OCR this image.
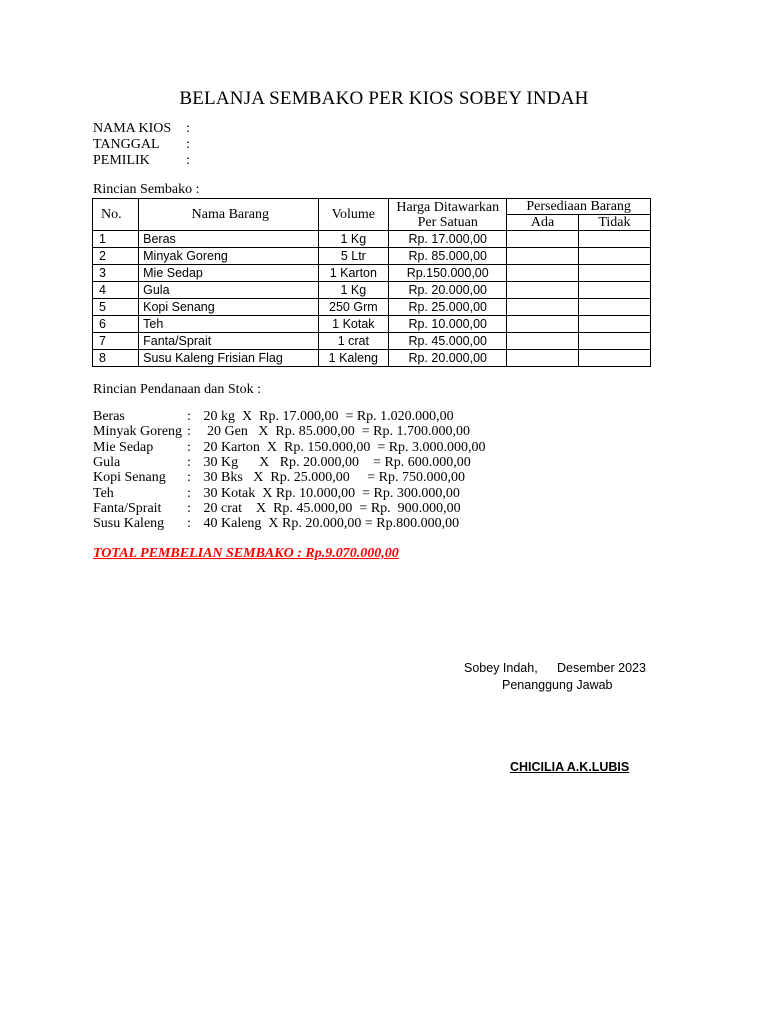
BELANJA SEMBAKO PER KIOS SOBEY INDAH
NAMA KIOS :
TANGGAL :
PEMILIK	:
Rincian Sembako :
No.	Nama Barang	Volume	Harga Ditawarkan
Per Satuan	Persediaan Barang	
				Ada	Tidak
1	Beras	1 Kg	Rp. 17.000,00		
2	Minyak Goreng	5 Ltr	Rp. 85.000,00		
3	Mie Sedap	1 Karton	Rp.150.000,00		
4	Gula	1 Kg	Rp. 20.000,00		
5	Kopi Senang	250 Grm	Rp. 25.000,00		
6	Teh	1 Kotak	Rp. 10.000,00		
7	Fanta/Sprait	1 crat	Rp. 45.000,00		
8	Susu Kaleng Frisian Flag	1 Kaleng	Rp. 20.000,00		
Rincian Pendanaan dan Stok :
Beras	: 20 kg  X  Rp. 17.000,00  = Rp. 1.020.000,00
Minyak Goreng :  20 Gen   X  Rp. 85.000,00  = Rp. 1.700.000,00
Mie Sedap : 20 Karton  X  Rp. 150.000,00  = Rp. 3.000.000,00
Gula	: 30 Kg      X   Rp. 20.000,00    = Rp. 600.000,00
Kopi Senang : 30 Bks   X  Rp. 25.000,00     = Rp. 750.000,00
Teh	: 30 Kotak  X Rp. 10.000,00  = Rp. 300.000,00
Fanta/Sprait : 20 crat    X  Rp. 45.000,00  = Rp.  900.000,00
Susu Kaleng : 40 Kaleng  X Rp. 20.000,00 = Rp.800.000,00
TOTAL PEMBELIAN SEMBAKO : Rp.9.070.000,00
Sobey Indah, Desember 2023
Penanggung Jawab
CHICILIA A.K.LUBIS
